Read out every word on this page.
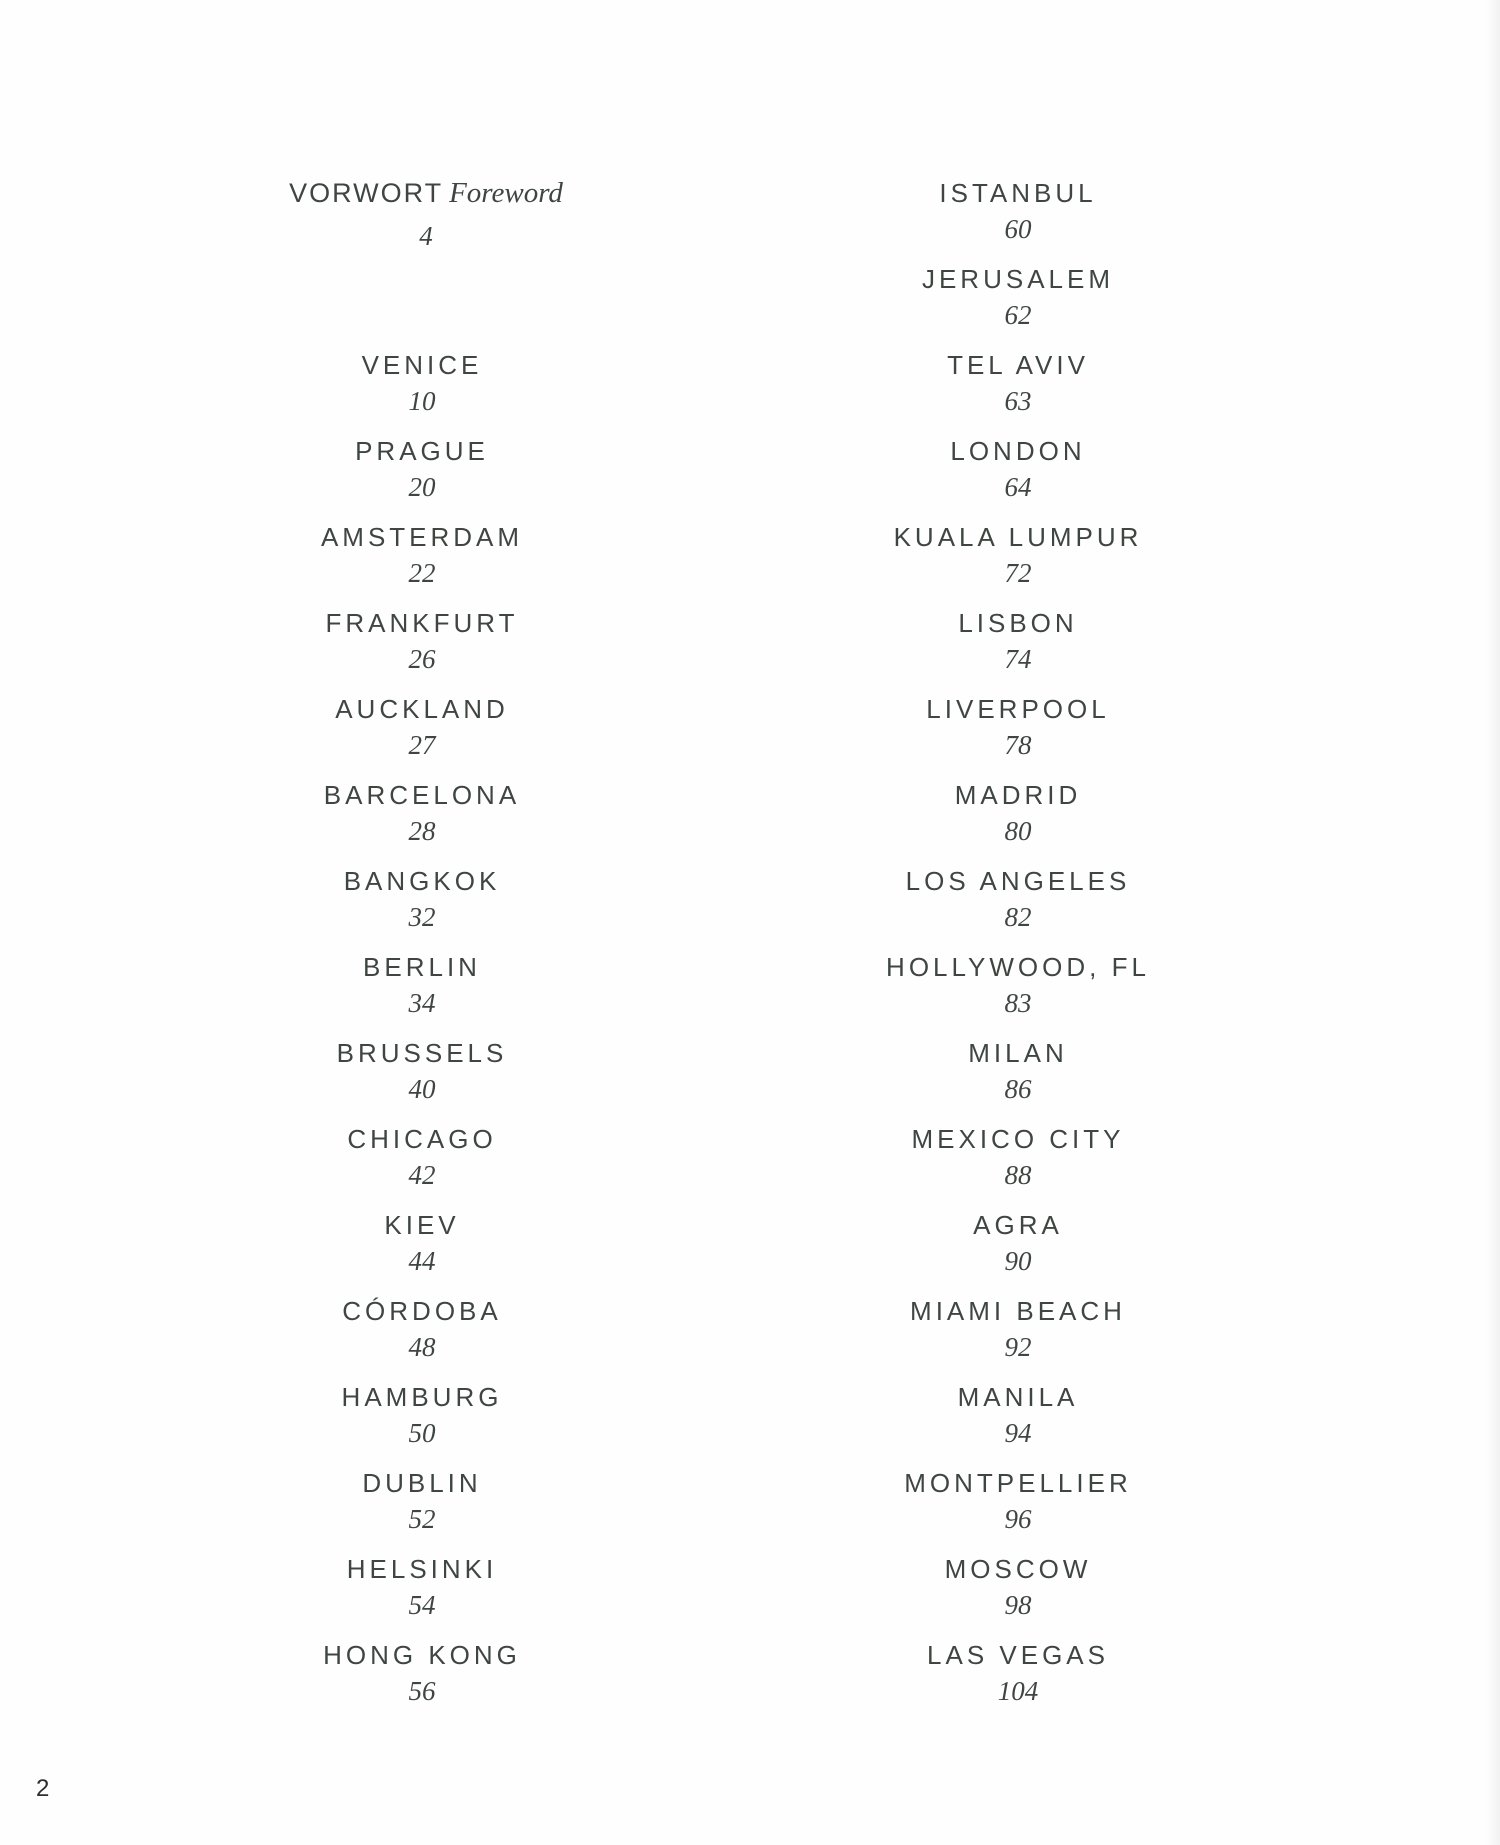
VORWORT Foreword
4
VENICE
10
PRAGUE
20
AMSTERDAM
22
FRANKFURT
26
AUCKLAND
27
BARCELONA
28
BANGKOK
32
BERLIN
34
BRUSSELS
40
CHICAGO
42
KIEV
44
CÓRDOBA
48
HAMBURG
50
DUBLIN
52
HELSINKI
54
HONG KONG
56
ISTANBUL
60
JERUSALEM
62
TEL AVIV
63
LONDON
64
KUALA LUMPUR
72
LISBON
74
LIVERPOOL
78
MADRID
80
LOS ANGELES
82
HOLLYWOOD, FL
83
MILAN
86
MEXICO CITY
88
AGRA
90
MIAMI BEACH
92
MANILA
94
MONTPELLIER
96
MOSCOW
98
LAS VEGAS
104
2
